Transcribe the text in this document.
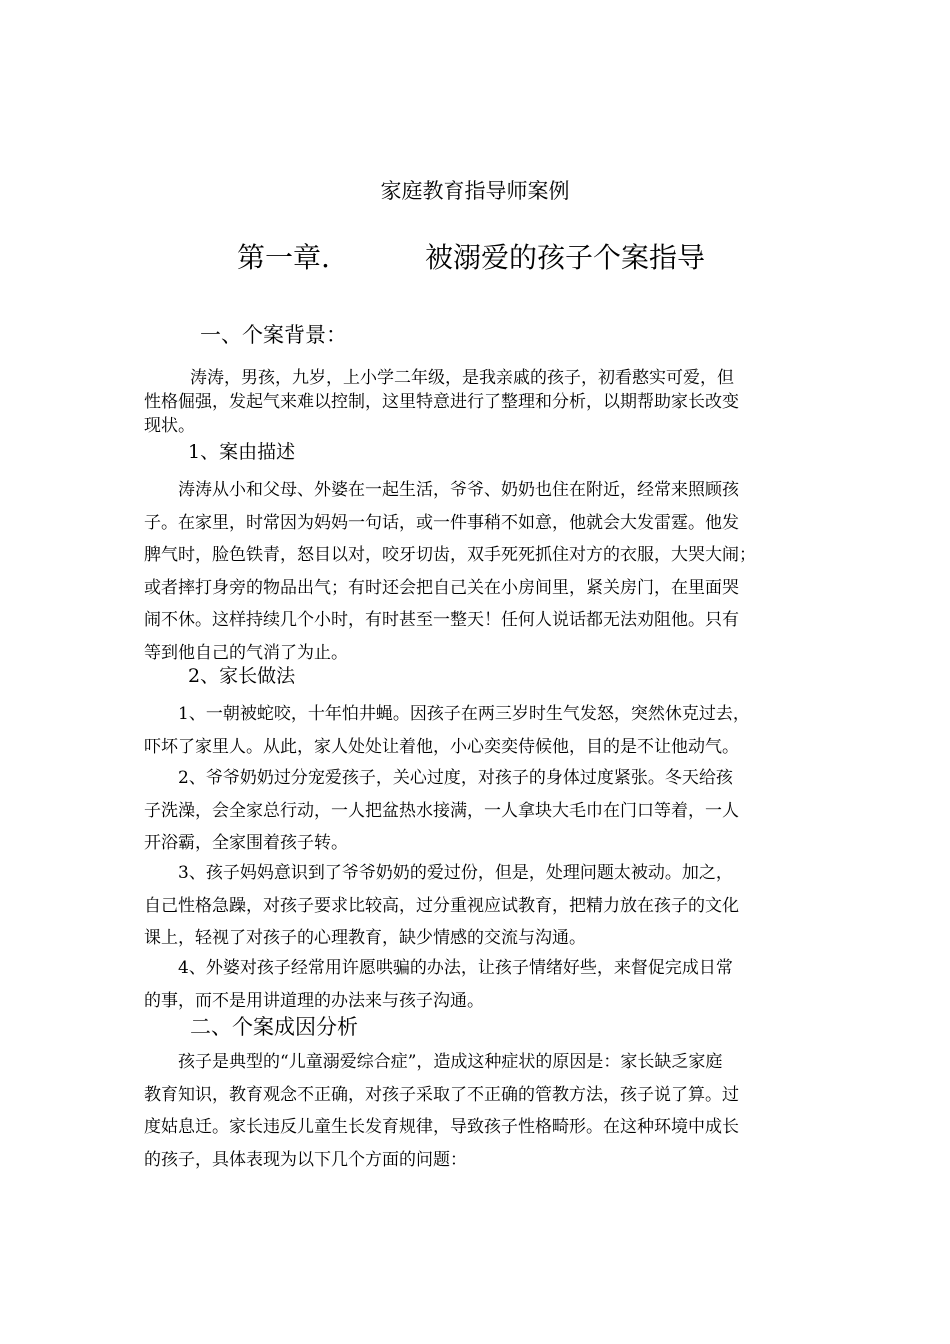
家庭教育指导师案例
第一章.	被溺爱的孩子个案指导
一、个案背景：
涛涛，男孩，九岁，上小学二年级，是我亲戚的孩子，初看憨实可爱，但
性格倔强，发起气来难以控制，这里特意进行了整理和分析，以期帮助家长改变
现状。
1、案由描述
涛涛从小和父母、外婆在一起生活，爷爷、奶奶也住在附近，经常来照顾孩
子。在家里，时常因为妈妈一句话，或一件事稍不如意，他就会大发雷霆。他发
脾气时，脸色铁青，怒目以对，咬牙切齿，双手死死抓住对方的衣服，大哭大闹；
或者摔打身旁的物品出气；有时还会把自己关在小房间里，紧关房门，在里面哭
闹不休。这样持续几个小时，有时甚至一整天！任何人说话都无法劝阻他。只有
等到他自己的气消了为止。
2、家长做法
1、一朝被蛇咬，十年怕井蝇。因孩子在两三岁时生气发怒，突然休克过去，
吓坏了家里人。从此，家人处处让着他，小心奕奕侍候他，目的是不让他动气。
2、爷爷奶奶过分宠爱孩子，关心过度，对孩子的身体过度紧张。冬天给孩
子洗澡，会全家总行动，一人把盆热水接满，一人拿块大毛巾在门口等着，一人
开浴霸，全家围着孩子转。
3、孩子妈妈意识到了爷爷奶奶的爱过份，但是，处理问题太被动。加之，
自己性格急躁，对孩子要求比较高，过分重视应试教育，把精力放在孩子的文化
课上，轻视了对孩子的心理教育，缺少情感的交流与沟通。
4、外婆对孩子经常用许愿哄骗的办法，让孩子情绪好些，来督促完成日常
的事，而不是用讲道理的办法来与孩子沟通。
二、个案成因分析
孩子是典型的“儿童溺爱综合症”，造成这种症状的原因是：家长缺乏家庭
教育知识，教育观念不正确，对孩子采取了不正确的管教方法，孩子说了算。过
度姑息迁。家长违反儿童生长发育规律，导致孩子性格畸形。在这种环境中成长
的孩子，具体表现为以下几个方面的问题：
